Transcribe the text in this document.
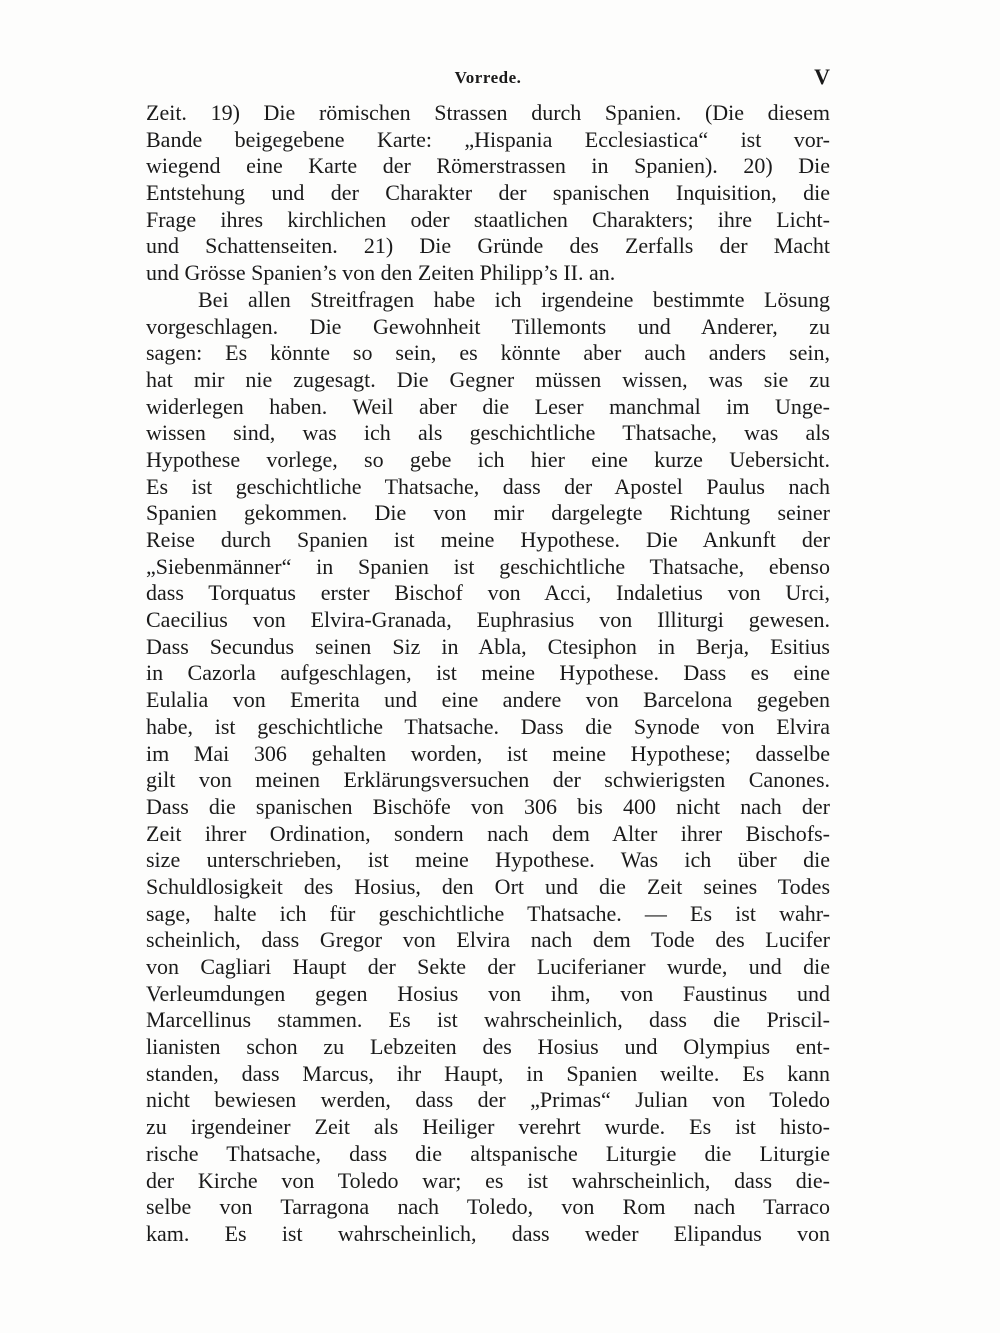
Vorrede.	V
Zeit. 19) Die römischen Strassen durch Spanien. (Die diesem
Bande beigegebene Karte: „Hispania Ecclesiastica“ ist vor-
wiegend eine Karte der Römerstrassen in Spanien). 20) Die
Entstehung und der Charakter der spanischen Inquisition, die
Frage ihres kirchlichen oder staatlichen Charakters; ihre Licht-
und Schattenseiten. 21) Die Gründe des Zerfalls der Macht
und Grösse Spanien’s von den Zeiten Philipp’s II. an.
Bei allen Streitfragen habe ich irgendeine bestimmte Lösung
vorgeschlagen. Die Gewohnheit Tillemonts und Anderer, zu
sagen: Es könnte so sein, es könnte aber auch anders sein,
hat mir nie zugesagt. Die Gegner müssen wissen, was sie zu
widerlegen haben. Weil aber die Leser manchmal im Unge-
wissen sind, was ich als geschichtliche Thatsache, was als
Hypothese vorlege, so gebe ich hier eine kurze Uebersicht.
Es ist geschichtliche Thatsache, dass der Apostel Paulus nach
Spanien gekommen. Die von mir dargelegte Richtung seiner
Reise durch Spanien ist meine Hypothese. Die Ankunft der
„Siebenmänner“ in Spanien ist geschichtliche Thatsache, ebenso
dass Torquatus erster Bischof von Acci, Indaletius von Urci,
Caecilius von Elvira-Granada, Euphrasius von Illiturgi gewesen.
Dass Secundus seinen Siz in Abla, Ctesiphon in Berja, Esitius
in Cazorla aufgeschlagen, ist meine Hypothese. Dass es eine
Eulalia von Emerita und eine andere von Barcelona gegeben
habe, ist geschichtliche Thatsache. Dass die Synode von Elvira
im Mai 306 gehalten worden, ist meine Hypothese; dasselbe
gilt von meinen Erklärungsversuchen der schwierigsten Canones.
Dass die spanischen Bischöfe von 306 bis 400 nicht nach der
Zeit ihrer Ordination, sondern nach dem Alter ihrer Bischofs-
size unterschrieben, ist meine Hypothese. Was ich über die
Schuldlosigkeit des Hosius, den Ort und die Zeit seines Todes
sage, halte ich für geschichtliche Thatsache. — Es ist wahr-
scheinlich, dass Gregor von Elvira nach dem Tode des Lucifer
von Cagliari Haupt der Sekte der Luciferianer wurde, und die
Verleumdungen gegen Hosius von ihm, von Faustinus und
Marcellinus stammen. Es ist wahrscheinlich, dass die Priscil-
lianisten schon zu Lebzeiten des Hosius und Olympius ent-
standen, dass Marcus, ihr Haupt, in Spanien weilte. Es kann
nicht bewiesen werden, dass der „Primas“ Julian von Toledo
zu irgendeiner Zeit als Heiliger verehrt wurde. Es ist histo-
rische Thatsache, dass die altspanische Liturgie die Liturgie
der Kirche von Toledo war; es ist wahrscheinlich, dass die-
selbe von Tarragona nach Toledo, von Rom nach Tarraco
kam. Es ist wahrscheinlich, dass weder Elipandus von
